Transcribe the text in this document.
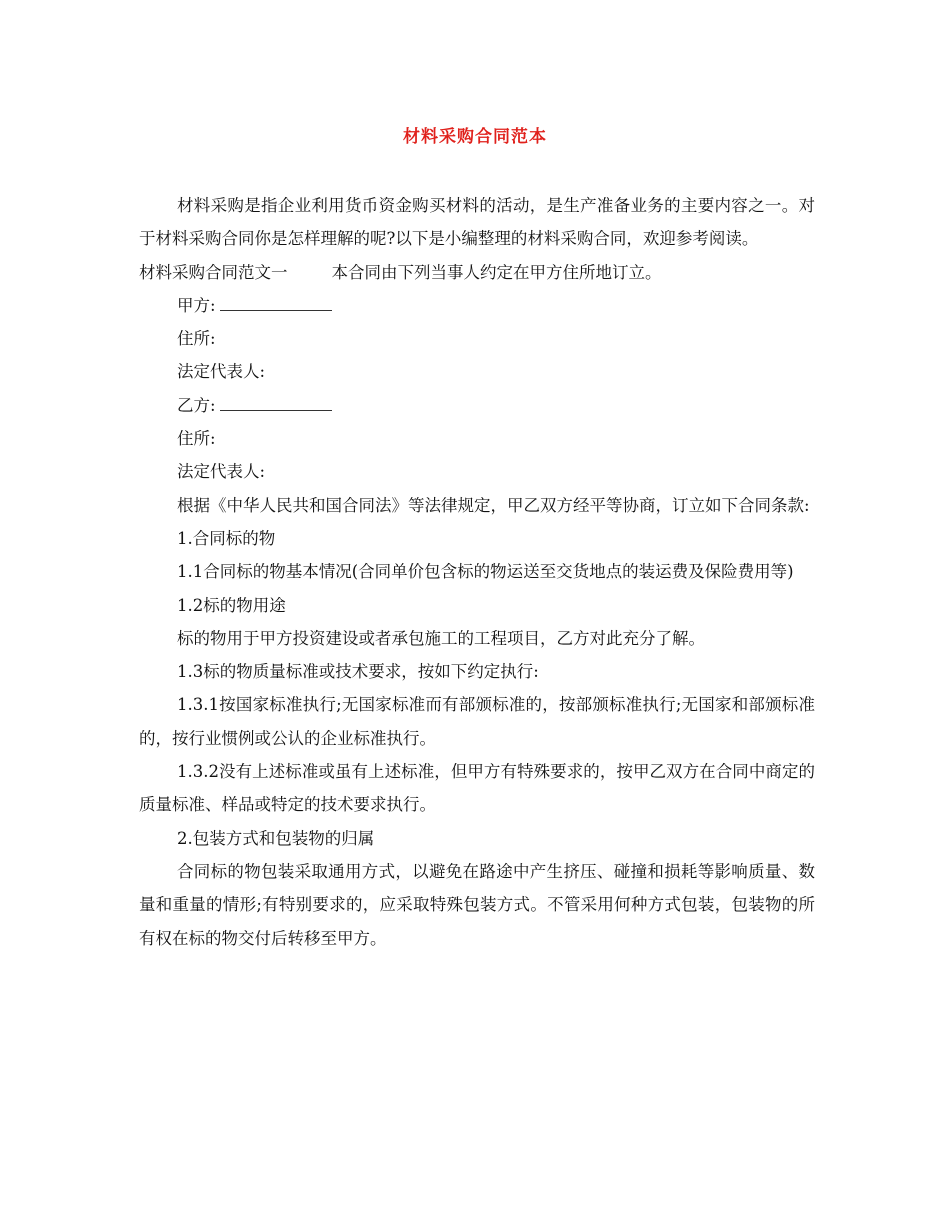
材料采购合同范本

材料采购是指企业利用货币资金购买材料的活动，是生产准备业务的主要内容之一。对于材料采购合同你是怎样理解的呢?以下是小编整理的材料采购合同，欢迎参考阅读。

材料采购合同范文一	本合同由下列当事人约定在甲方住所地订立。

甲方:

住所:

法定代表人:

乙方:

住所:

法定代表人:

根据《中华人民共和国合同法》等法律规定，甲乙双方经平等协商，订立如下合同条款:

1.合同标的物

1.1合同标的物基本情况(合同单价包含标的物运送至交货地点的装运费及保险费用等)

1.2标的物用途

标的物用于甲方投资建设或者承包施工的工程项目，乙方对此充分了解。

1.3标的物质量标准或技术要求，按如下约定执行:

1.3.1按国家标准执行;无国家标准而有部颁标准的，按部颁标准执行;无国家和部颁标准的，按行业惯例或公认的企业标准执行。

1.3.2没有上述标准或虽有上述标准，但甲方有特殊要求的，按甲乙双方在合同中商定的质量标准、样品或特定的技术要求执行。

2.包装方式和包装物的归属

合同标的物包装采取通用方式，以避免在路途中产生挤压、碰撞和损耗等影响质量、数量和重量的情形;有特别要求的，应采取特殊包装方式。不管采用何种方式包装，包装物的所有权在标的物交付后转移至甲方。
